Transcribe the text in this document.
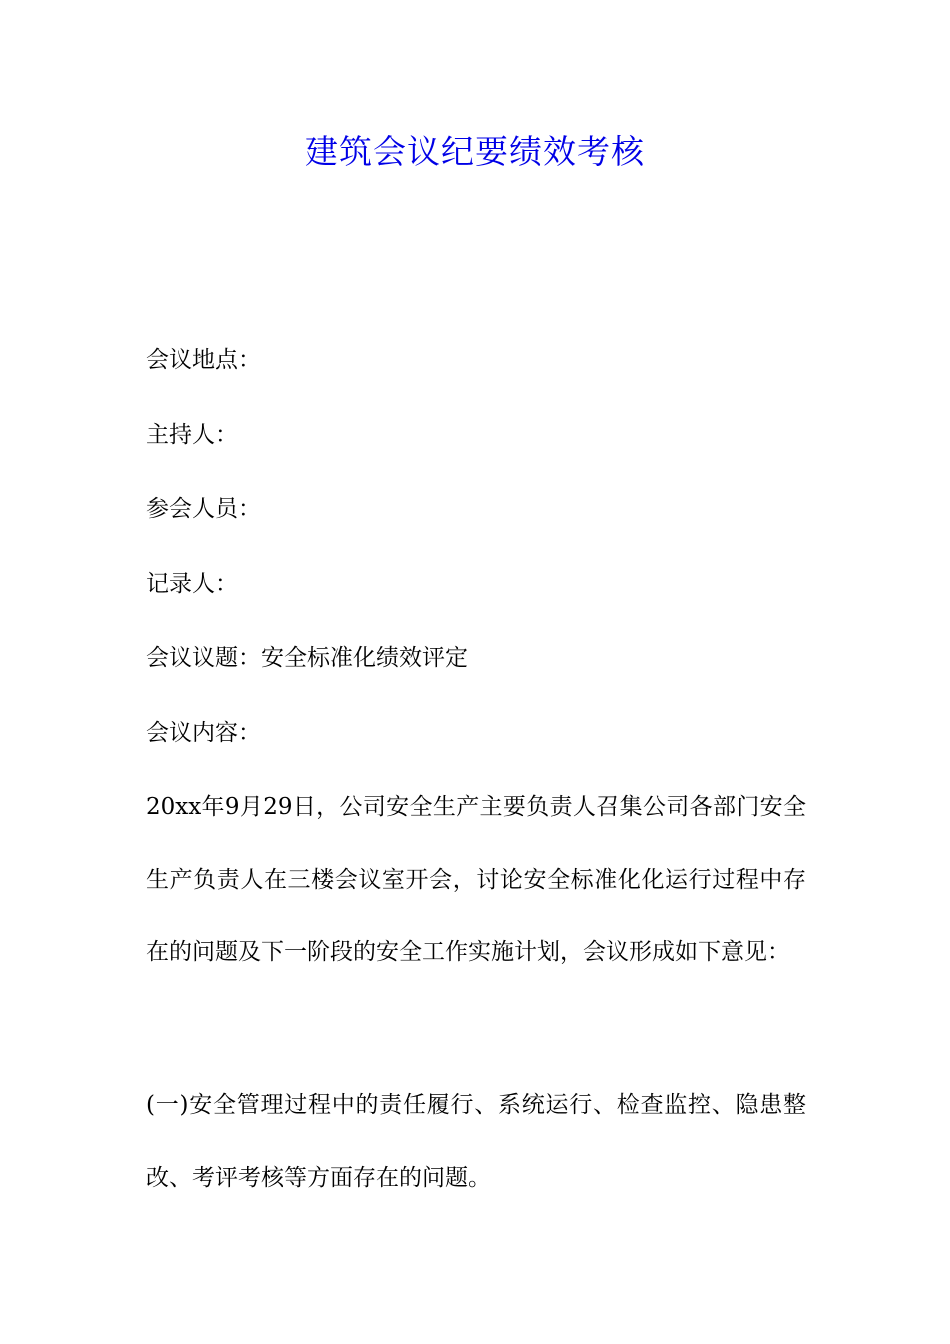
建筑会议纪要绩效考核
会议地点：
主持人：
参会人员：
记录人：
会议议题：安全标准化绩效评定
会议内容：

20xx年9月29日，公司安全生产主要负责人召集公司各部门安全生产负责人在三楼会议室开会，讨论安全标准化化运行过程中存在的问题及下一阶段的安全工作实施计划，会议形成如下意见：

(一)安全管理过程中的责任履行、系统运行、检查监控、隐患整改、考评考核等方面存在的问题。
